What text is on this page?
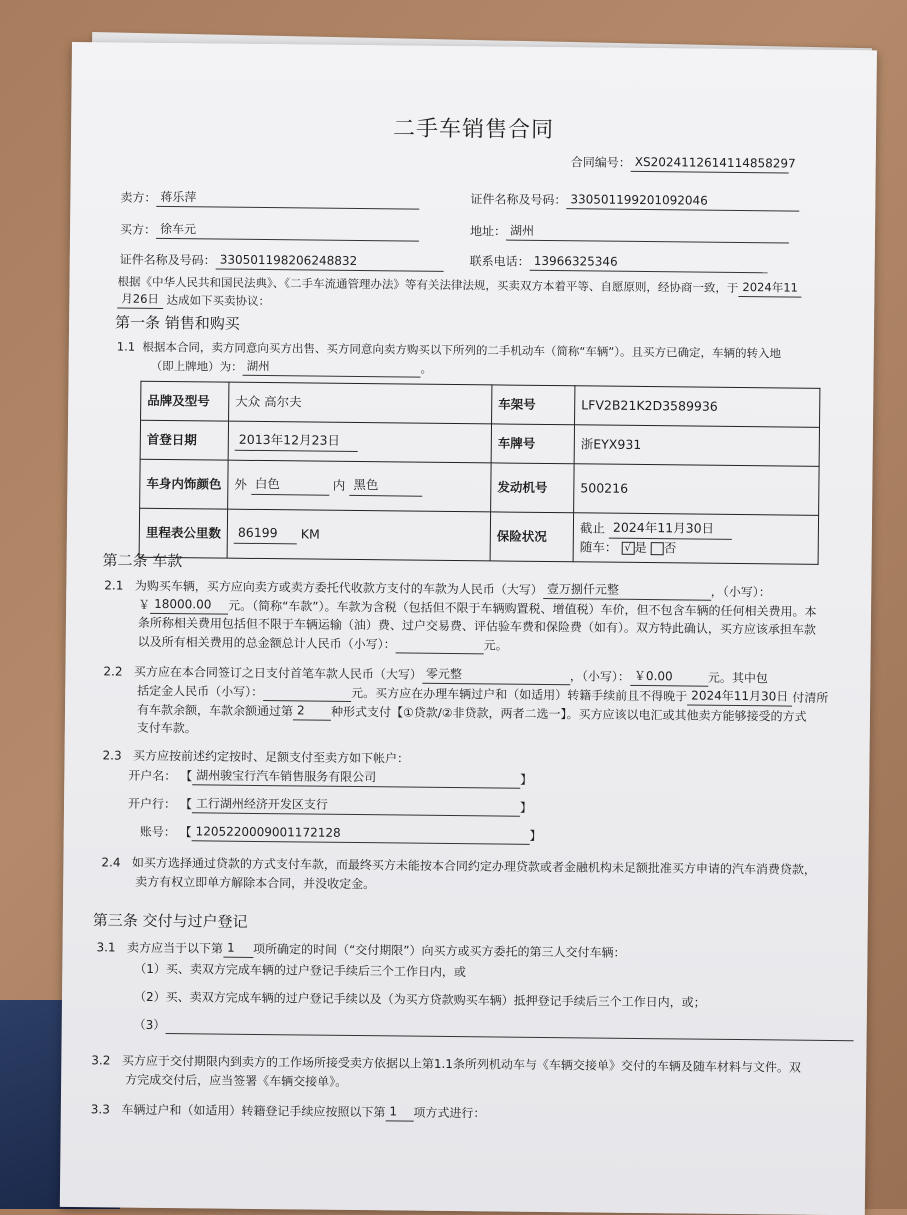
二手车销售合同
合同编号： XS2024112614114858297
卖方： 蒋乐萍	证件名称及号码： 330501199201092046
买方： 徐车元	地址： 湖州
证件名称及号码： 330501198206248832	联系电话： 13966325346
根据《中华人民共和国民法典》、《二手车流通管理办法》等有关法律法规，买卖双方本着平等、自愿原则，经协商一致，于 2024年11
月26日 达成如下买卖协议：
第一条 销售和购买
1.1 根据本合同，卖方同意向买方出售、买方同意向卖方购买以下所列的二手机动车（简称“车辆”）。且买方已确定，车辆的转入地
（即上牌地）为： 湖州	。
品牌及型号	大众 高尔夫	车架号	LFV2B21K2D3589936
首登日期	2013年12月23日	车牌号	浙EYX931
车身内饰颜色	外 白色 内 黑色	发动机号	500216
里程表公里数	86199 KM	保险状况	截止 2024年11月30日
随车： √ 是 否
第二条 车款
2.1 为购买车辆，买方应向卖方或卖方委托代收款方支付的车款为人民币（大写） 壹万捌仟元整	，（小写）：
￥ 18000.00 元。（简称“车款”）。车款为含税（包括但不限于车辆购置税、增值税）车价，但不包含车辆的任何相关费用。本
条所称相关费用包括但不限于车辆运输（油）费、过户交易费、评估验车费和保险费（如有）。双方特此确认，买方应该承担车款
以及所有相关费用的总金额总计人民币（小写）：	元。
2.2 买方应在本合同签订之日支付首笔车款人民币（大写） 零元整	，（小写）： ￥0.00	元。其中包
括定金人民币（小写）：	元。买方应在办理车辆过户和（如适用）转籍手续前且不得晚于 2024年11月30日 付清所
有车款余额，车款余额通过第 2 种形式支付【①贷款/②非贷款，两者二选一】。买方应该以电汇或其他卖方能够接受的方式
支付车款。
2.3 买方应按前述约定按时、足额支付至卖方如下帐户：
开户名： 【 湖州骏宝行汽车销售服务有限公司	】
开户行： 【 工行湖州经济开发区支行	】
账号： 【 1205220009001172128	】
2.4 如买方选择通过贷款的方式支付车款，而最终买方未能按本合同约定办理贷款或者金融机构未足额批准买方申请的汽车消费贷款，
卖方有权立即单方解除本合同，并没收定金。
第三条 交付与过户登记
3.1 卖方应当于以下第 1 项所确定的时间（“交付期限”）向买方或买方委托的第三人交付车辆：
（1）买、卖双方完成车辆的过户登记手续后三个工作日内，或
（2）买、卖双方完成车辆的过户登记手续以及（为买方贷款购买车辆）抵押登记手续后三个工作日内，或；
（3）
3.2 买方应于交付期限内到卖方的工作场所接受卖方依据以上第1.1条所列机动车与《车辆交接单》交付的车辆及随车材料与文件。双
方完成交付后，应当签署《车辆交接单》。
3.3 车辆过户和（如适用）转籍登记手续应按照以下第 1 项方式进行：
